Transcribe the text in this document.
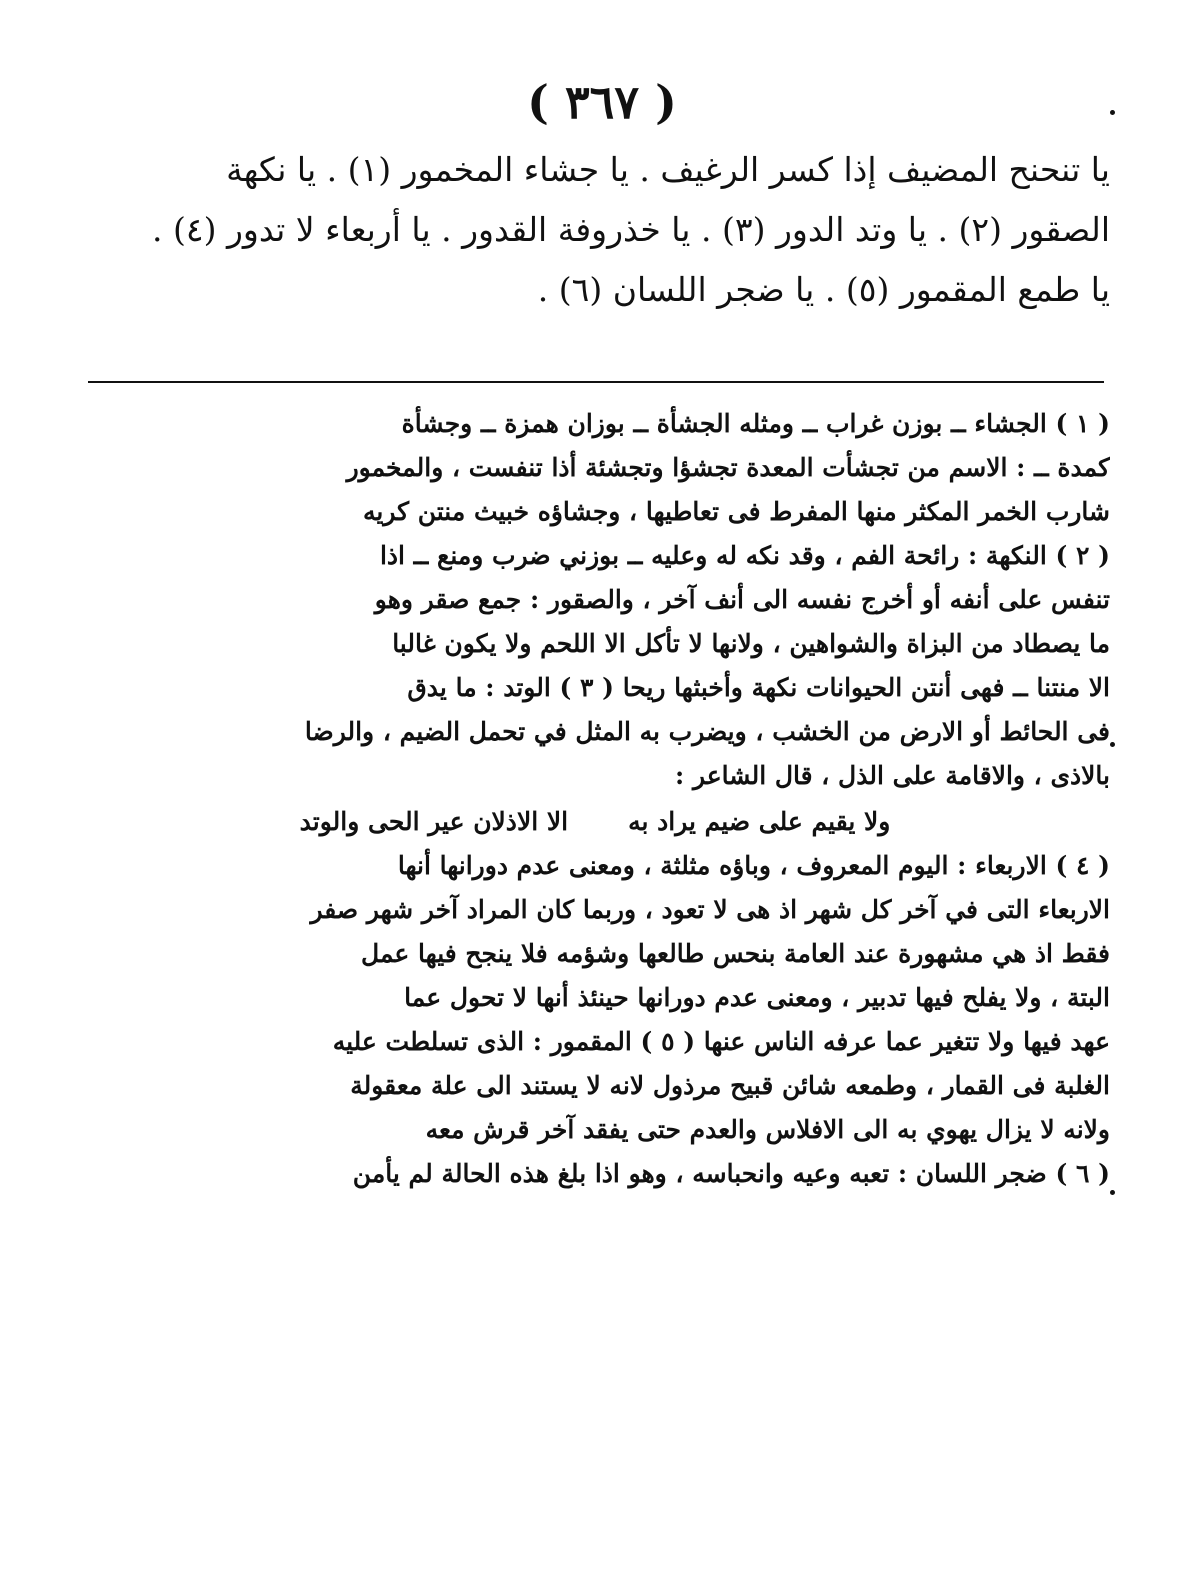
( ٣٦٧ )
يا تنحنح المضيف إذا كسر الرغيف . يا جشاء المخمور (١) . يا نكهة
الصقور (٢) . يا وتد الدور (٣) . يا خذروفة القدور . يا أربعاء لا تدور (٤) .
يا طمع المقمور (٥) . يا ضجر اللسان (٦) .
( ١ ) الجشاء ــ بوزن غراب ــ ومثله الجشأة ــ بوزان همزة ــ وجشأة
كمدة ــ : الاسم من تجشأت المعدة تجشؤا وتجشئة أذا تنفست ، والمخمور
شارب الخمر المكثر منها المفرط فى تعاطيها ، وجشاؤه خبيث منتن كريه
( ٢ ) النكهة : رائحة الفم ، وقد نكه له وعليه ــ بوزني ضرب ومنع ــ اذا
تنفس على أنفه أو أخرج نفسه الى أنف آخر ، والصقور : جمع صقر وهو
ما يصطاد من البزاة والشواهين ، ولانها لا تأكل الا اللحم ولا يكون غالبا
الا منتنا ــ فهى أنتن الحيوانات نكهة وأخبثها ريحا ( ٣ ) الوتد : ما يدق
فى الحائط أو الارض من الخشب ، ويضرب به المثل في تحمل الضيم ، والرضا
بالاذى ، والاقامة على الذل ، قال الشاعر :
ولا يقيم على ضيم يراد بهالا الاذلان عير الحى والوتد
( ٤ ) الاربعاء : اليوم المعروف ، وباؤه مثلثة ، ومعنى عدم دورانها أنها
الاربعاء التى في آخر كل شهر اذ هى لا تعود ، وربما كان المراد آخر شهر صفر
فقط اذ هي مشهورة عند العامة بنحس طالعها وشؤمه فلا ينجح فيها عمل
البتة ، ولا يفلح فيها تدبير ، ومعنى عدم دورانها حينئذ أنها لا تحول عما
عهد فيها ولا تتغير عما عرفه الناس عنها ( ٥ ) المقمور : الذى تسلطت عليه
الغلبة فى القمار ، وطمعه شائن قبيح مرذول لانه لا يستند الى علة معقولة
ولانه لا يزال يهوي به الى الافلاس والعدم حتى يفقد آخر قرش معه
( ٦ ) ضجر اللسان : تعبه وعيه وانحباسه ، وهو اذا بلغ هذه الحالة لم يأمن
